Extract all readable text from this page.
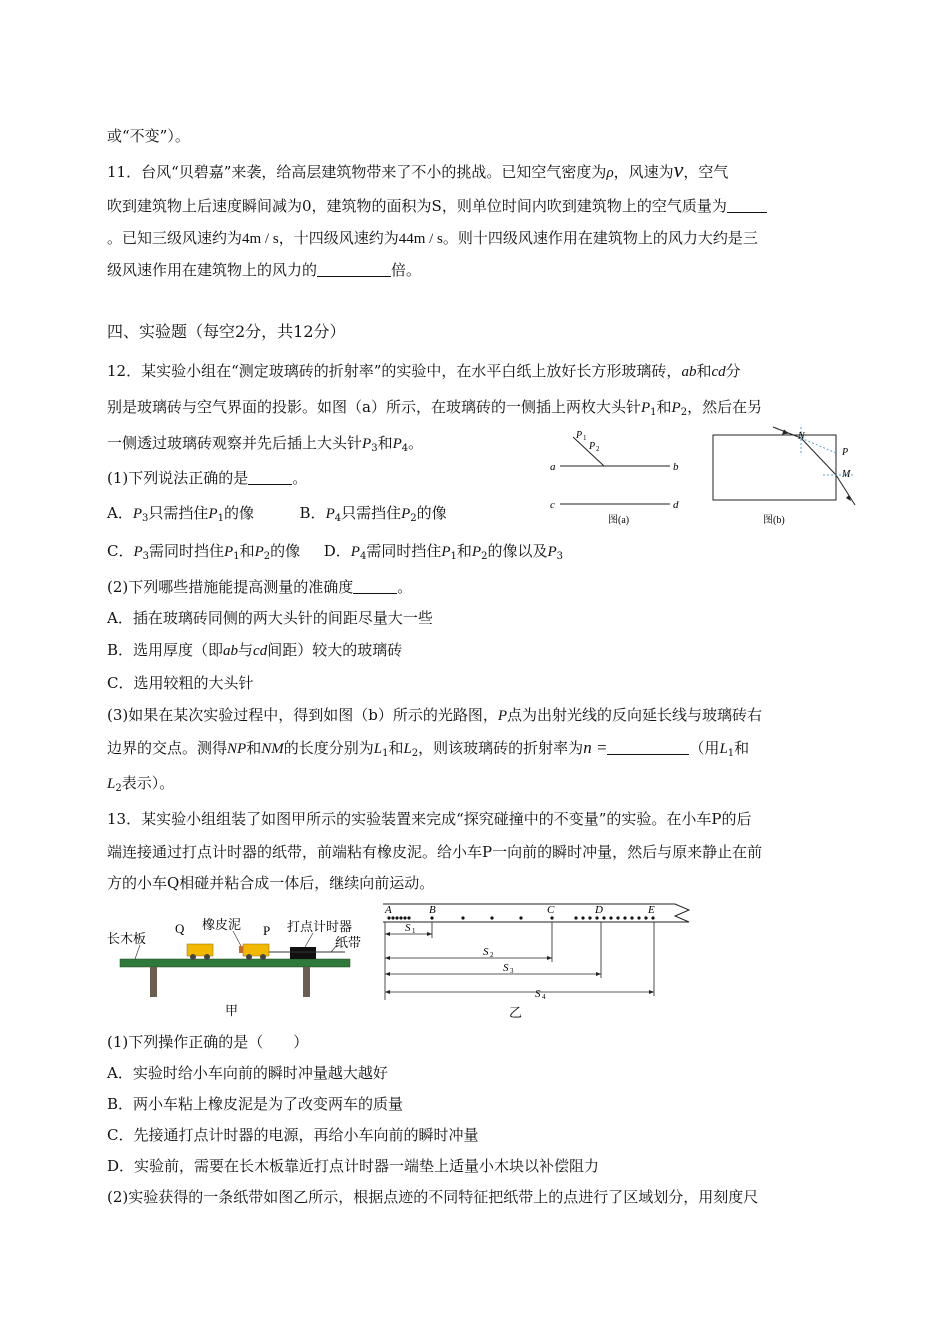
或“不变”）。
11．台风“贝碧嘉”来袭，给高层建筑物带来了不小的挑战。已知空气密度为ρ，风速为v，空气
吹到建筑物上后速度瞬间减为0，建筑物的面积为S，则单位时间内吹到建筑物上的空气质量为
。已知三级风速约为4m / s，十四级风速约为44m / s。则十四级风速作用在建筑物上的风力大约是三
级风速作用在建筑物上的风力的	倍。
四、实验题（每空2分，共12分）
12．某实验小组在“测定玻璃砖的折射率”的实验中，在水平白纸上放好长方形玻璃砖，ab和cd分
别是玻璃砖与空气界面的投影。如图（a）所示，在玻璃砖的一侧插上两枚大头针$P_1$和$P_2$，然后在另
一侧透过玻璃砖观察并先后插上大头针$P_3$和$P_4$。
(1)下列说法正确的是	。
A．$P_3$只需挡住$P_1$的像	B．$P_4$只需挡住$P_2$的像
C．$P_3$需同时挡住$P_1$和$P_2$的像 D．$P_4$需同时挡住$P_1$和$P_2$的像以及$P_3$
(2)下列哪些措施能提高测量的准确度	。
A．插在玻璃砖同侧的两大头针的间距尽量大一些
B．选用厚度（即ab与cd间距）较大的玻璃砖
C．选用较粗的大头针
(3)如果在某次实验过程中，得到如图（b）所示的光路图，P点为出射光线的反向延长线与玻璃砖右
边界的交点。测得NP和NM的长度分别为$L_1$和$L_2$，则该玻璃砖的折射率为n =	（用$L_1$和
$L_2$表示）。
P 1
P 2
a	b
c	d
图(a)
N
P
M
图(b)
13．某实验小组组装了如图甲所示的实验装置来完成“探究碰撞中的不变量”的实验。在小车P的后
端连接通过打点计时器的纸带，前端粘有橡皮泥。给小车P一向前的瞬时冲量，然后与原来静止在前
方的小车Q相碰并粘合成一体后，继续向前运动。
长木板
Q 橡皮泥 P 打点计时器
纸带
甲
A	B	C	D	E
S 1
S 2
S 3
S 4
乙
(1)下列操作正确的是（　　）
A．实验时给小车向前的瞬时冲量越大越好
B．两小车粘上橡皮泥是为了改变两车的质量
C．先接通打点计时器的电源，再给小车向前的瞬时冲量
D．实验前，需要在长木板靠近打点计时器一端垫上适量小木块以补偿阻力
(2)实验获得的一条纸带如图乙所示，根据点迹的不同特征把纸带上的点进行了区域划分，用刻度尺
